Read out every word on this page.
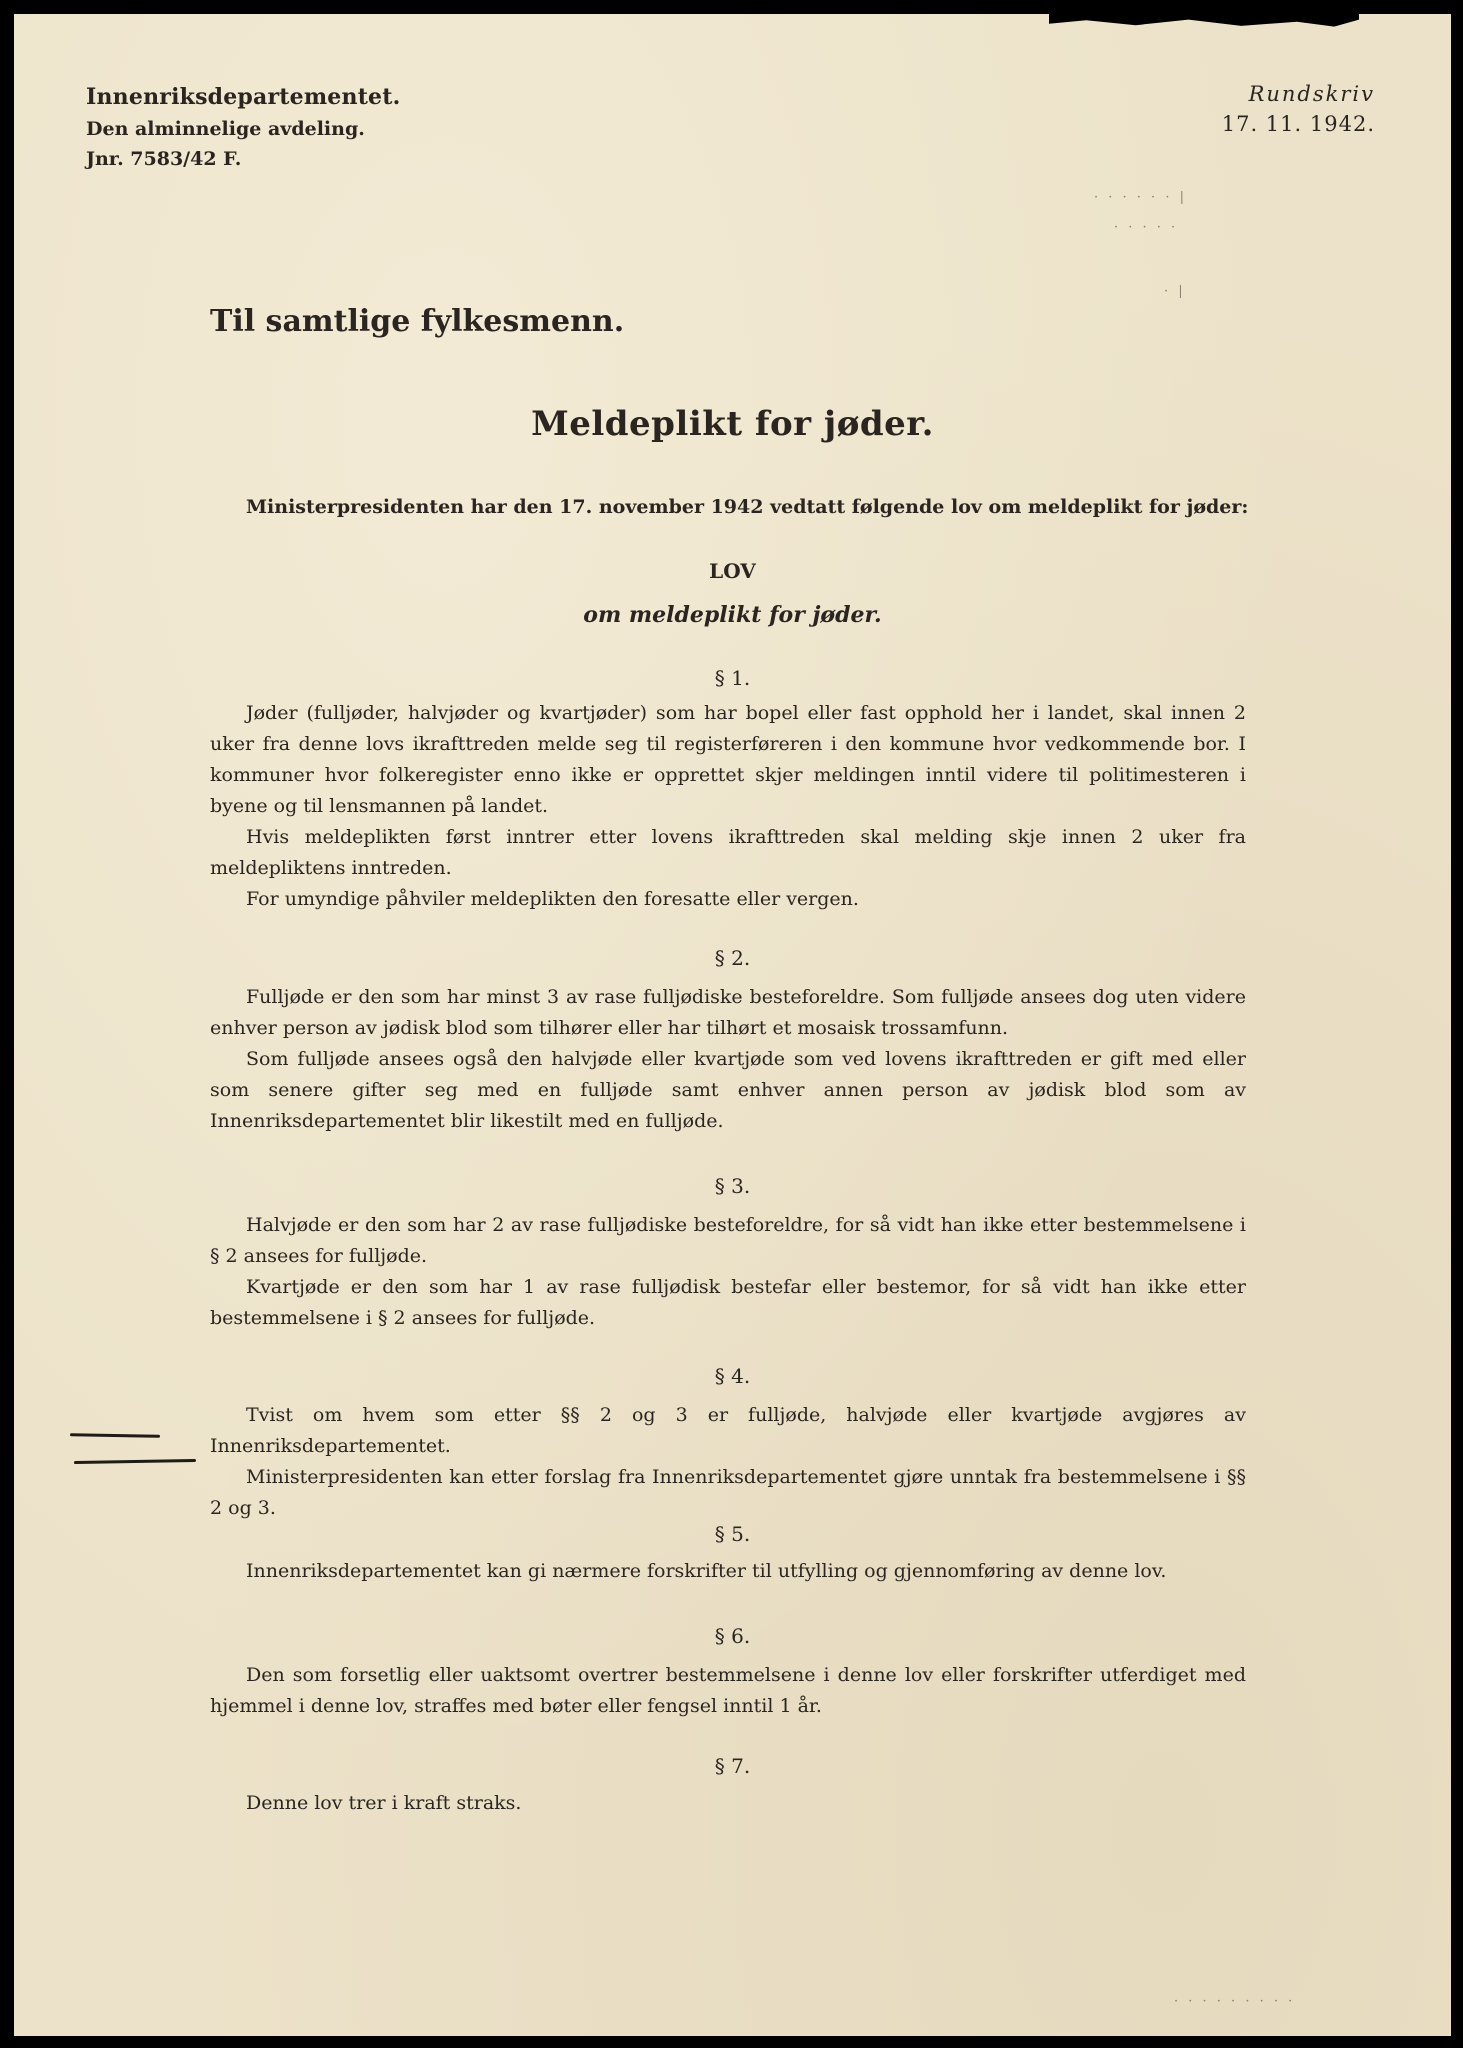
Innenriksdepartementet.
Den alminnelige avdeling.
Jnr. 7583/42 F.
Rundskriv
17. 11. 1942.
Til samtlige fylkesmenn.
Meldeplikt for jøder.
Ministerpresidenten har den 17. november 1942 vedtatt følgende lov om meldeplikt for jøder:
LOV
om meldeplikt for jøder.
§ 1.

Jøder (fulljøder, halvjøder og kvartjøder) som har bopel eller fast opphold her i landet, skal innen 2 uker fra denne lovs ikrafttreden melde seg til registerføreren i den kommune hvor vedkommende bor. I kommuner hvor folkeregister enno ikke er opprettet skjer meldingen inntil videre til politimesteren i byene og til lensmannen på landet.

Hvis meldeplikten først inntrer etter lovens ikrafttreden skal melding skje innen 2 uker fra meldepliktens inntreden.

For umyndige påhviler meldeplikten den foresatte eller vergen.

§ 2.

Fulljøde er den som har minst 3 av rase fulljødiske besteforeldre. Som fulljøde ansees dog uten videre enhver person av jødisk blod som tilhører eller har tilhørt et mosaisk trossamfunn.

Som fulljøde ansees også den halvjøde eller kvartjøde som ved lovens ikrafttreden er gift med eller som senere gifter seg med en fulljøde samt enhver annen person av jødisk blod som av Innenriksdepartementet blir likestilt med en fulljøde.

§ 3.

Halvjøde er den som har 2 av rase fulljødiske besteforeldre, for så vidt han ikke etter bestemmelsene i § 2 ansees for fulljøde.

Kvartjøde er den som har 1 av rase fulljødisk bestefar eller bestemor, for så vidt han ikke etter bestemmelsene i § 2 ansees for fulljøde.

§ 4.

Tvist om hvem som etter §§ 2 og 3 er fulljøde, halvjøde eller kvartjøde avgjøres av Innenriksdepartementet.

Ministerpresidenten kan etter forslag fra Innenriksdepartementet gjøre unntak fra bestemmelsene i §§ 2 og 3.

§ 5.

Innenriksdepartementet kan gi nærmere forskrifter til utfylling og gjennomføring av denne lov.

§ 6.

Den som forsetlig eller uaktsomt overtrer bestemmelsene i denne lov eller forskrifter utferdiget med hjemmel i denne lov, straffes med bøter eller fengsel inntil 1 år.

§ 7.

Denne lov trer i kraft straks.

· · · · · · |
· · · · ·
· |
· · · · · · · · ·
